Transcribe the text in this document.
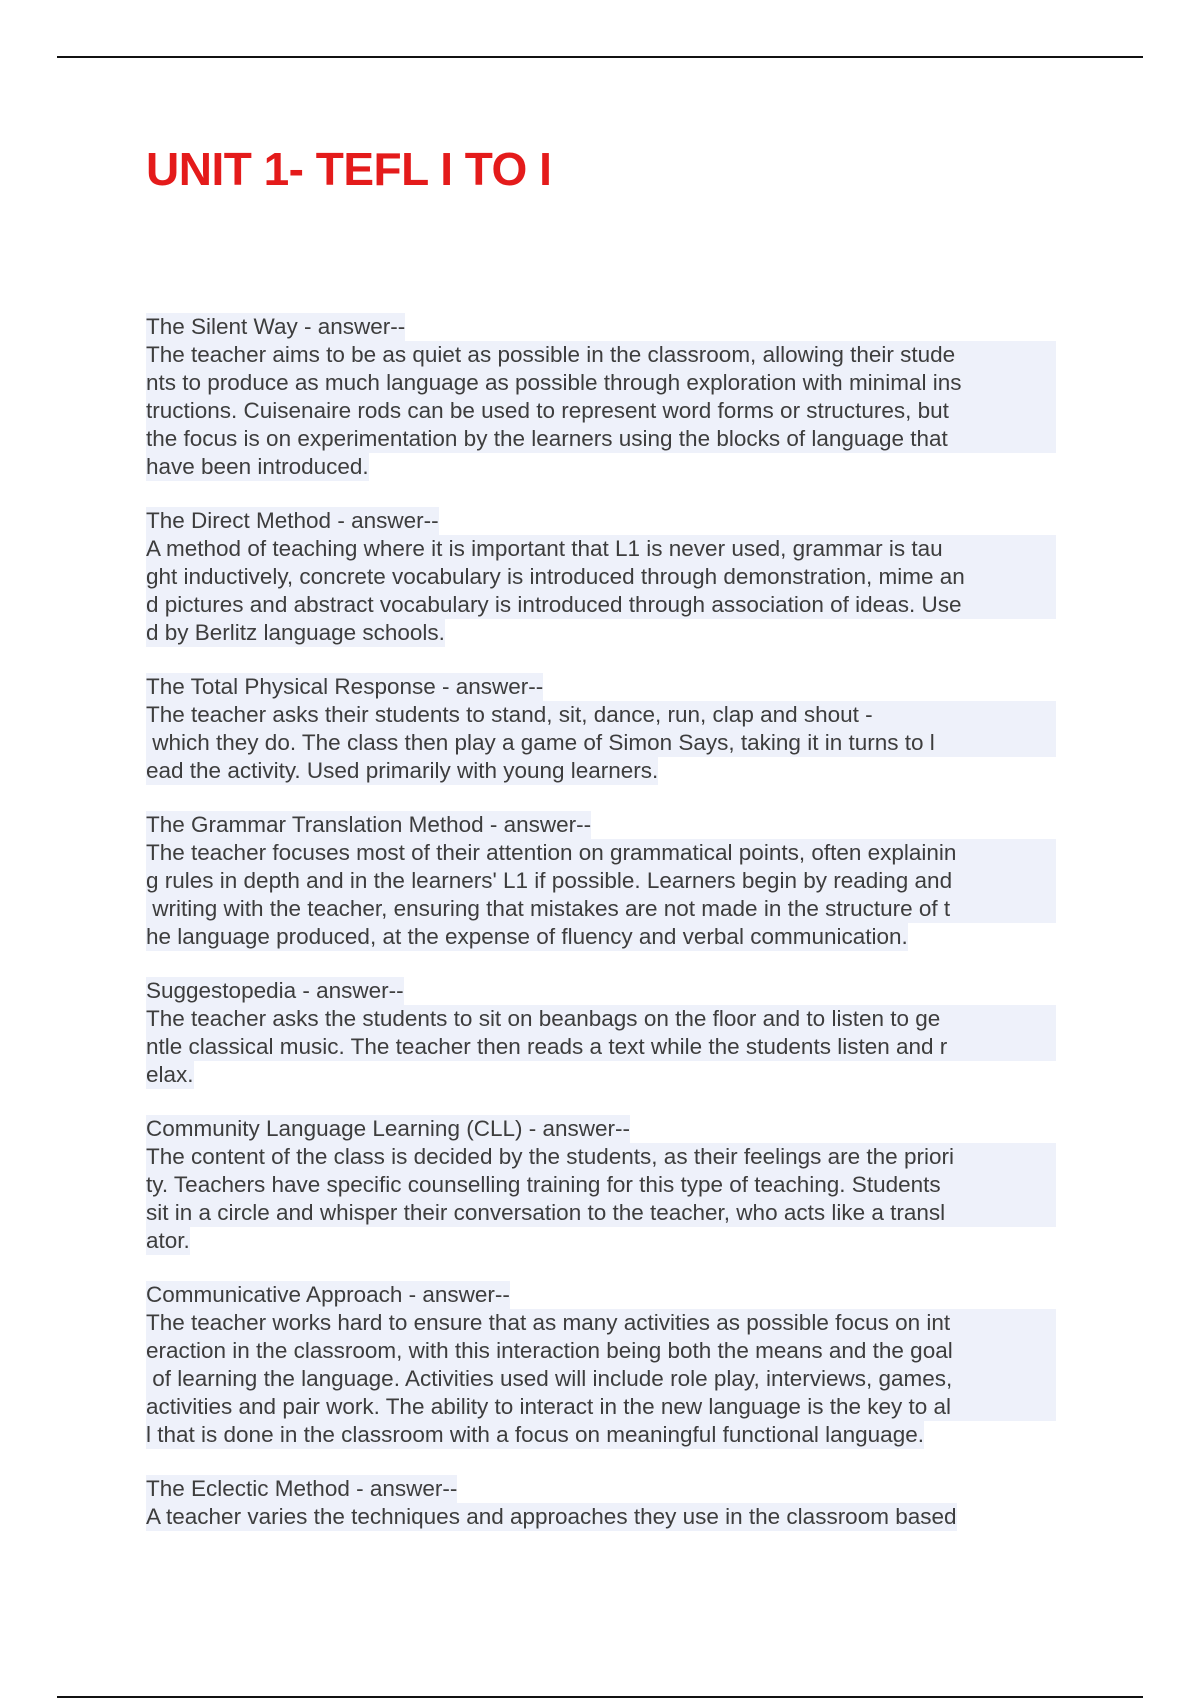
UNIT 1- TEFL I TO I
The Silent Way - answer--
The teacher aims to be as quiet as possible in the classroom, allowing their stude
nts to produce as much language as possible through exploration with minimal ins
tructions. Cuisenaire rods can be used to represent word forms or structures, but
the focus is on experimentation by the learners using the blocks of language that
have been introduced.
The Direct Method - answer--
A method of teaching where it is important that L1 is never used, grammar is tau
ght inductively, concrete vocabulary is introduced through demonstration, mime an
d pictures and abstract vocabulary is introduced through association of ideas. Use
d by Berlitz language schools.
The Total Physical Response - answer--
The teacher asks their students to stand, sit, dance, run, clap and shout -
which they do. The class then play a game of Simon Says, taking it in turns to l
ead the activity. Used primarily with young learners.
The Grammar Translation Method - answer--
The teacher focuses most of their attention on grammatical points, often explainin
g rules in depth and in the learners' L1 if possible. Learners begin by reading and
writing with the teacher, ensuring that mistakes are not made in the structure of t
he language produced, at the expense of fluency and verbal communication.
Suggestopedia - answer--
The teacher asks the students to sit on beanbags on the floor and to listen to ge
ntle classical music. The teacher then reads a text while the students listen and r
elax.
Community Language Learning (CLL) - answer--
The content of the class is decided by the students, as their feelings are the priori
ty. Teachers have specific counselling training for this type of teaching. Students
sit in a circle and whisper their conversation to the teacher, who acts like a transl
ator.
Communicative Approach - answer--
The teacher works hard to ensure that as many activities as possible focus on int
eraction in the classroom, with this interaction being both the means and the goal
of learning the language. Activities used will include role play, interviews, games,
activities and pair work. The ability to interact in the new language is the key to al
l that is done in the classroom with a focus on meaningful functional language.
The Eclectic Method - answer--A teacher varies the techniques and approaches they use in the classroom based
